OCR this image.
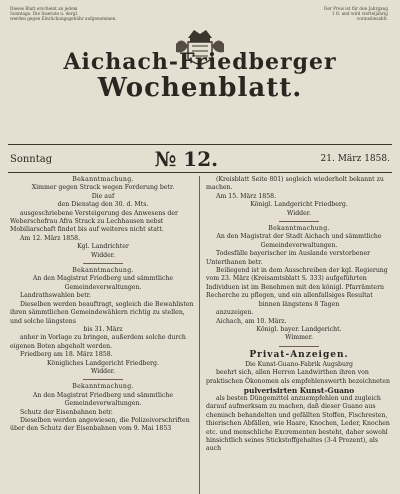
Dieses Blatt erscheint an jedem
Sonntage. Die Inserate u. dergl.
werden gegen Einrückungsgebühr aufgenommen.
Der Preis ist für den Jahrgang
1 fl. und wird vierteljährig
vorausbezahlt.
Aichach-Friedberger
Wochenblatt.
Sonntag	№ 12.	21. März 1858.
Bekanntmachung.
Ximmer gegen Strack wegen Forderung betr.
Die auf
den Dienstag den 30. d. Mts.
ausgeschriebene Versteigerung des Anwesens der Weberschefrau Afra Strack zu Lechhausen nebst Mobiliarschaft findet bis auf weiteres nicht statt.
Am 12. März 1858.
Kgl. Landrichter
Widder.
Bekanntmachung.
An den Magistrat Friedberg und sämmtliche Gemeindeverwaltungen.
Landrathswahlen betr.
Dieselben werden beauftragt, sogleich die Bewahlisten ihren sämmtlichen Gemeindewählern richtig zu stellen, und solche längstens
bis 31. März
anher in Vorlage zu bringen, außerdem solche durch eigenen Boten abgeholt werden.
Friedberg am 18. März 1858.
Königliches Landgericht Friedberg.
Widder.
Bekanntmachung.
An den Magistrat Friedberg und sämmtliche Gemeindeverwaltungen.
Schutz der Eisenbahnen betr.
Dieselben werden angewiesen, die Polizeivorschriften über den Schutz der Eisenbahnen vom 9. Mai 1853
(Kreisblatt Seite 801) sogleich wiederholt bekannt zu machen.
Am 15. März 1858.
Königl. Landgericht Friedberg.
Widder.
Bekanntmachung.
An den Magistrat der Stadt Aichach und sämmtliche Gemeindeverwaltungen.
Todesfälle bayerischer im Auslande verstorbener Unterthanen betr.
Beiliegend ist in dem Ausschreiben der kgl. Regierung vom 23. März (Kreisamtsblatt S. 333) aufgeführten Individuen ist im Benehmen mit den königl. Pfarrämtern Recherche zu pflegen, und ein allenfallsiges Resultat
binnen längstens 8 Tagen
anzuzeigen.
Aichach, am 10. März.
Königl. bayer. Landgericht.
Wimmer.
Privat-Anzeigen.
Die Kunst-Guano-Fabrik Augsburg
beehrt sich, allen Herren Landwirthen ihren von praktischen Ökonomen als empfehlenswerth bezeichneten
pulverisirten Kunst-Guano
als besten Düngemittel anzuempfehlen und zugleich darauf aufmerksam zu machen, daß dieser Guano aus chemisch behandelten und gefällten Stoffen, Fischresten, thierischen Abfällen, wie Haare, Knochen, Leder, Knochen etc. und menschliche Excrementen besteht, daher sowohl hinsichtlich seines Stickstoffgehaltes (3-4 Prozent), als auch
